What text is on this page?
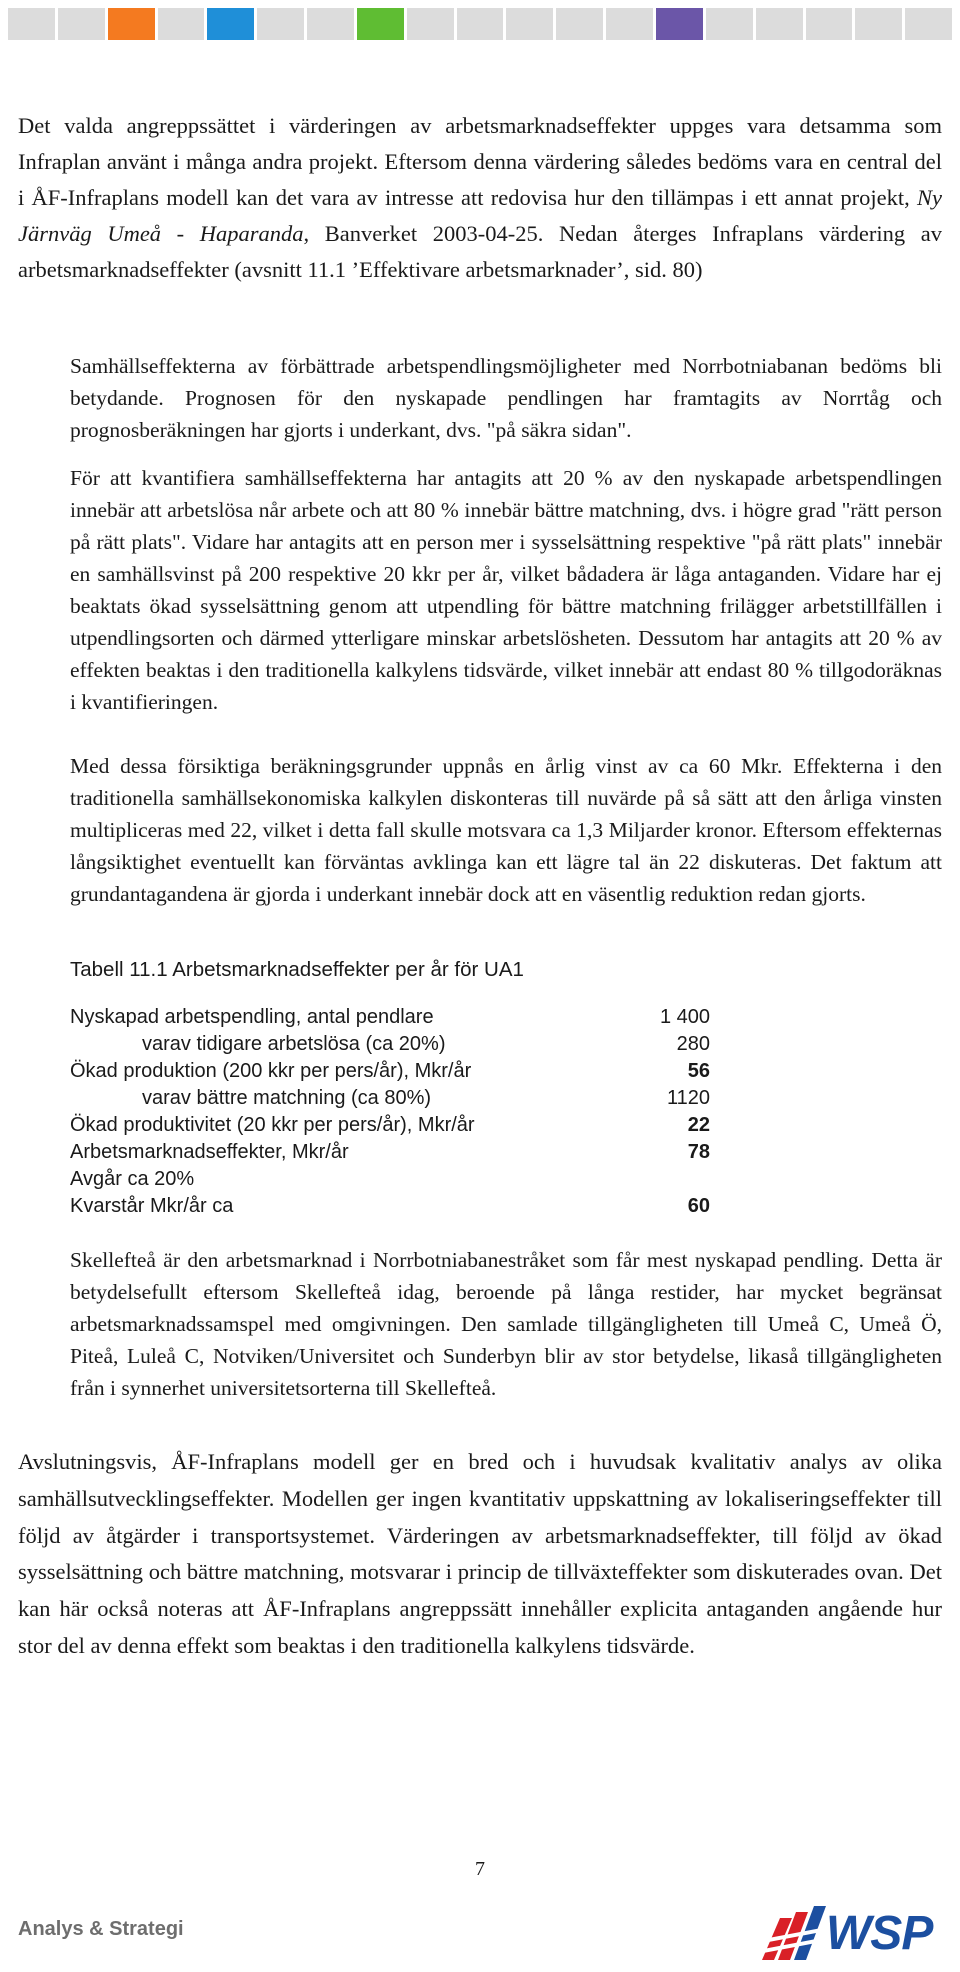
Det valda angreppssättet i värderingen av arbetsmarknadseffekter uppges vara detsamma som Infraplan använt i många andra projekt. Eftersom denna värdering således bedöms vara en central del i ÅF-Infraplans modell kan det vara av intresse att redovisa hur den tillämpas i ett annat projekt, Ny Järnväg Umeå - Haparanda, Banverket 2003-04-25. Nedan återges Infraplans värdering av arbetsmarknadseffekter (avsnitt 11.1 ’Effektivare arbetsmarknader’, sid. 80)

Samhällseffekterna av förbättrade arbetspendlingsmöjligheter med Norrbotniabanan bedöms bli betydande. Prognosen för den nyskapade pendlingen har framtagits av Norrtåg och prognosberäkningen har gjorts i underkant, dvs. "på säkra sidan".

För att kvantifiera samhällseffekterna har antagits att 20 % av den nyskapade arbetspendlingen innebär att arbetslösa når arbete och att 80 % innebär bättre matchning, dvs. i högre grad "rätt person på rätt plats". Vidare har antagits att en person mer i sysselsättning respektive "på rätt plats" innebär en samhällsvinst på 200 respektive 20 kkr per år, vilket bådadera är låga antaganden. Vidare har ej beaktats ökad sysselsättning genom att utpendling för bättre matchning frilägger arbetstillfällen i utpendlingsorten och därmed ytterligare minskar arbetslösheten. Dessutom har antagits att 20 % av effekten beaktas i den traditionella kalkylens tidsvärde, vilket innebär att endast 80 % tillgodoräknas i kvantifieringen.

Med dessa försiktiga beräkningsgrunder uppnås en årlig vinst av ca 60 Mkr. Effekterna i den traditionella samhällsekonomiska kalkylen diskonteras till nuvärde på så sätt att den årliga vinsten multipliceras med 22, vilket i detta fall skulle motsvara ca 1,3 Miljarder kronor. Eftersom effekternas långsiktighet eventuellt kan förväntas avklinga kan ett lägre tal än 22 diskuteras. Det faktum att grundantagandena är gjorda i underkant innebär dock att en väsentlig reduktion redan gjorts.

Tabell 11.1 Arbetsmarknadseffekter per år för UA1
Nyskapad arbetspendling, antal pendlare	1 400
varav tidigare arbetslösa (ca 20%)	280
Ökad produktion (200 kkr per pers/år), Mkr/år	56
varav bättre matchning (ca 80%)	1120
Ökad produktivitet (20 kkr per pers/år), Mkr/år	22
Arbetsmarknadseffekter, Mkr/år	78
Avgår ca 20%	
Kvarstår Mkr/år ca	60

Skellefteå är den arbetsmarknad i Norrbotniabanestråket som får mest nyskapad pendling. Detta är betydelsefullt eftersom Skellefteå idag, beroende på långa restider, har mycket begränsat arbetsmarknadssamspel med omgivningen. Den samlade tillgängligheten till Umeå C, Umeå Ö, Piteå, Luleå C, Notviken/Universitet och Sunderbyn blir av stor betydelse, likaså tillgängligheten från i synnerhet universitetsorterna till Skellefteå.

Avslutningsvis, ÅF-Infraplans modell ger en bred och i huvudsak kvalitativ analys av olika samhällsutvecklingseffekter. Modellen ger ingen kvantitativ uppskattning av lokaliseringseffekter till följd av åtgärder i transportsystemet. Värderingen av arbetsmarknadseffekter, till följd av ökad sysselsättning och bättre matchning, motsvarar i princip de tillväxteffekter som diskuterades ovan. Det kan här också noteras att ÅF-Infraplans angreppssätt innehåller explicita antaganden angående hur stor del av denna effekt som beaktas i den traditionella kalkylens tidsvärde.

7
Analys & Strategi	WSP
